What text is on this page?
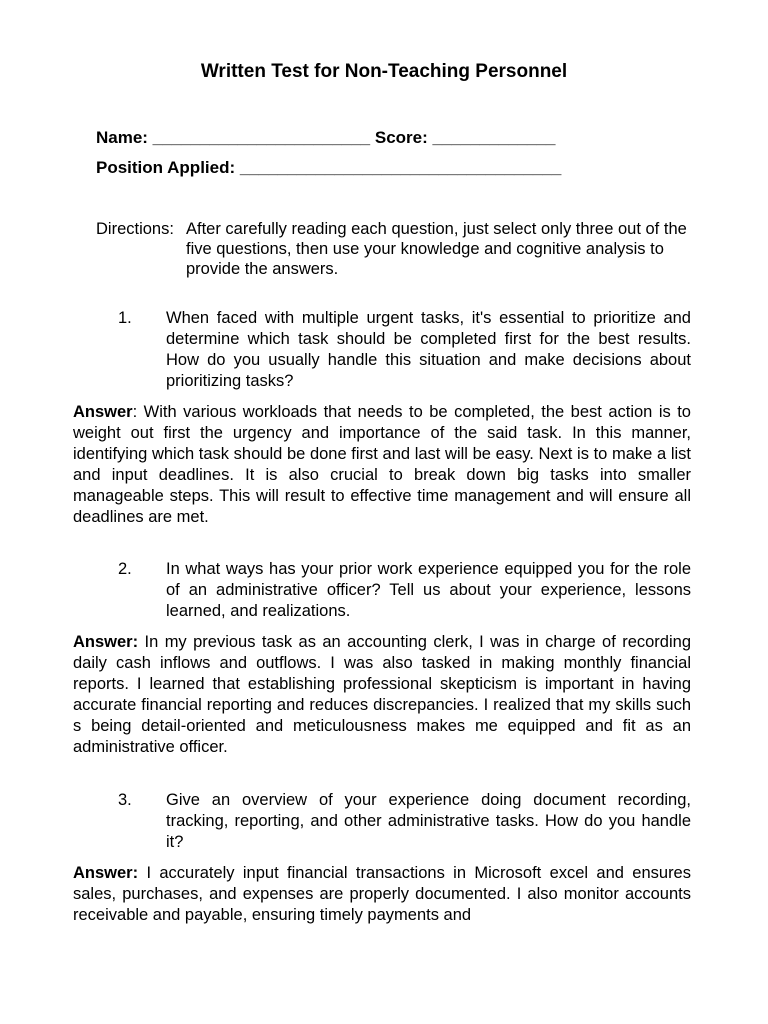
Written Test for Non-Teaching Personnel
Name: _______________________ Score: _____________
Position Applied: __________________________________
Directions: After carefully reading each question, just select only three out of the five questions, then use your knowledge and cognitive analysis to provide the answers.
1. When faced with multiple urgent tasks, it's essential to prioritize and determine which task should be completed first for the best results. How do you usually handle this situation and make decisions about prioritizing tasks?
Answer: With various workloads that needs to be completed, the best action is to weight out first the urgency and importance of the said task. In this manner, identifying which task should be done first and last will be easy. Next is to make a list and input deadlines. It is also crucial to break down big tasks into smaller manageable steps. This will result to effective time management and will ensure all deadlines are met.
2. In what ways has your prior work experience equipped you for the role of an administrative officer? Tell us about your experience, lessons learned, and realizations.
Answer: In my previous task as an accounting clerk, I was in charge of recording daily cash inflows and outflows. I was also tasked in making monthly financial reports. I learned that establishing professional skepticism is important in having accurate financial reporting and reduces discrepancies. I realized that my skills such s being detail-oriented and meticulousness makes me equipped and fit as an administrative officer.
3. Give an overview of your experience doing document recording, tracking, reporting, and other administrative tasks. How do you handle it?
Answer: I accurately input financial transactions in Microsoft excel and ensures sales, purchases, and expenses are properly documented. I also monitor accounts receivable and payable, ensuring timely payments and
